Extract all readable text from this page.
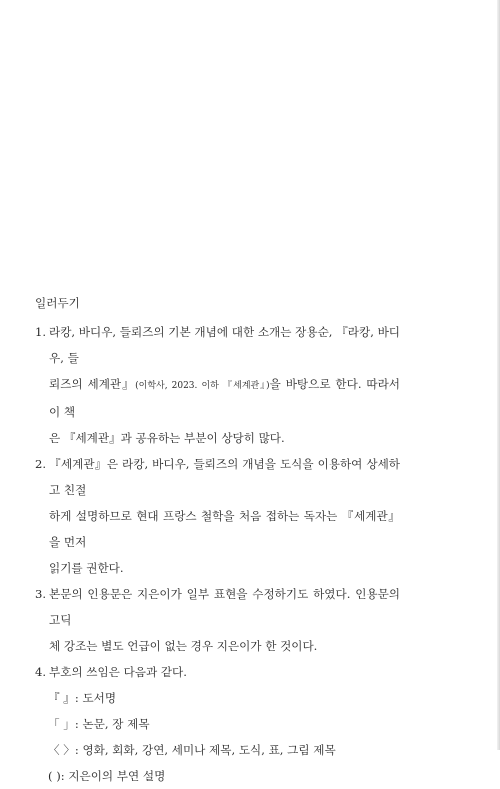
일러두기
1. 라캉, 바디우, 들뢰즈의 기본 개념에 대한 소개는 장용순, 『라캉, 바디우, 들
뢰즈의 세계관』(이학사, 2023. 이하 『세계관』)을 바탕으로 한다. 따라서 이 책
은 『세계관』과 공유하는 부분이 상당히 많다.
2. 『세계관』은 라캉, 바디우, 들뢰즈의 개념을 도식을 이용하여 상세하고 친절
하게 설명하므로 현대 프랑스 철학을 처음 접하는 독자는 『세계관』을 먼저
읽기를 권한다.
3. 본문의 인용문은 지은이가 일부 표현을 수정하기도 하였다. 인용문의 고딕
체 강조는 별도 언급이 없는 경우 지은이가 한 것이다.
4. 부호의 쓰임은 다음과 같다.
『 』 : 도서명
「 」 : 논문, 장 제목
〈 〉 : 영화, 회화, 강연, 세미나 제목, 도식, 표, 그림 제목
( ) : 지은이의 부연 설명
